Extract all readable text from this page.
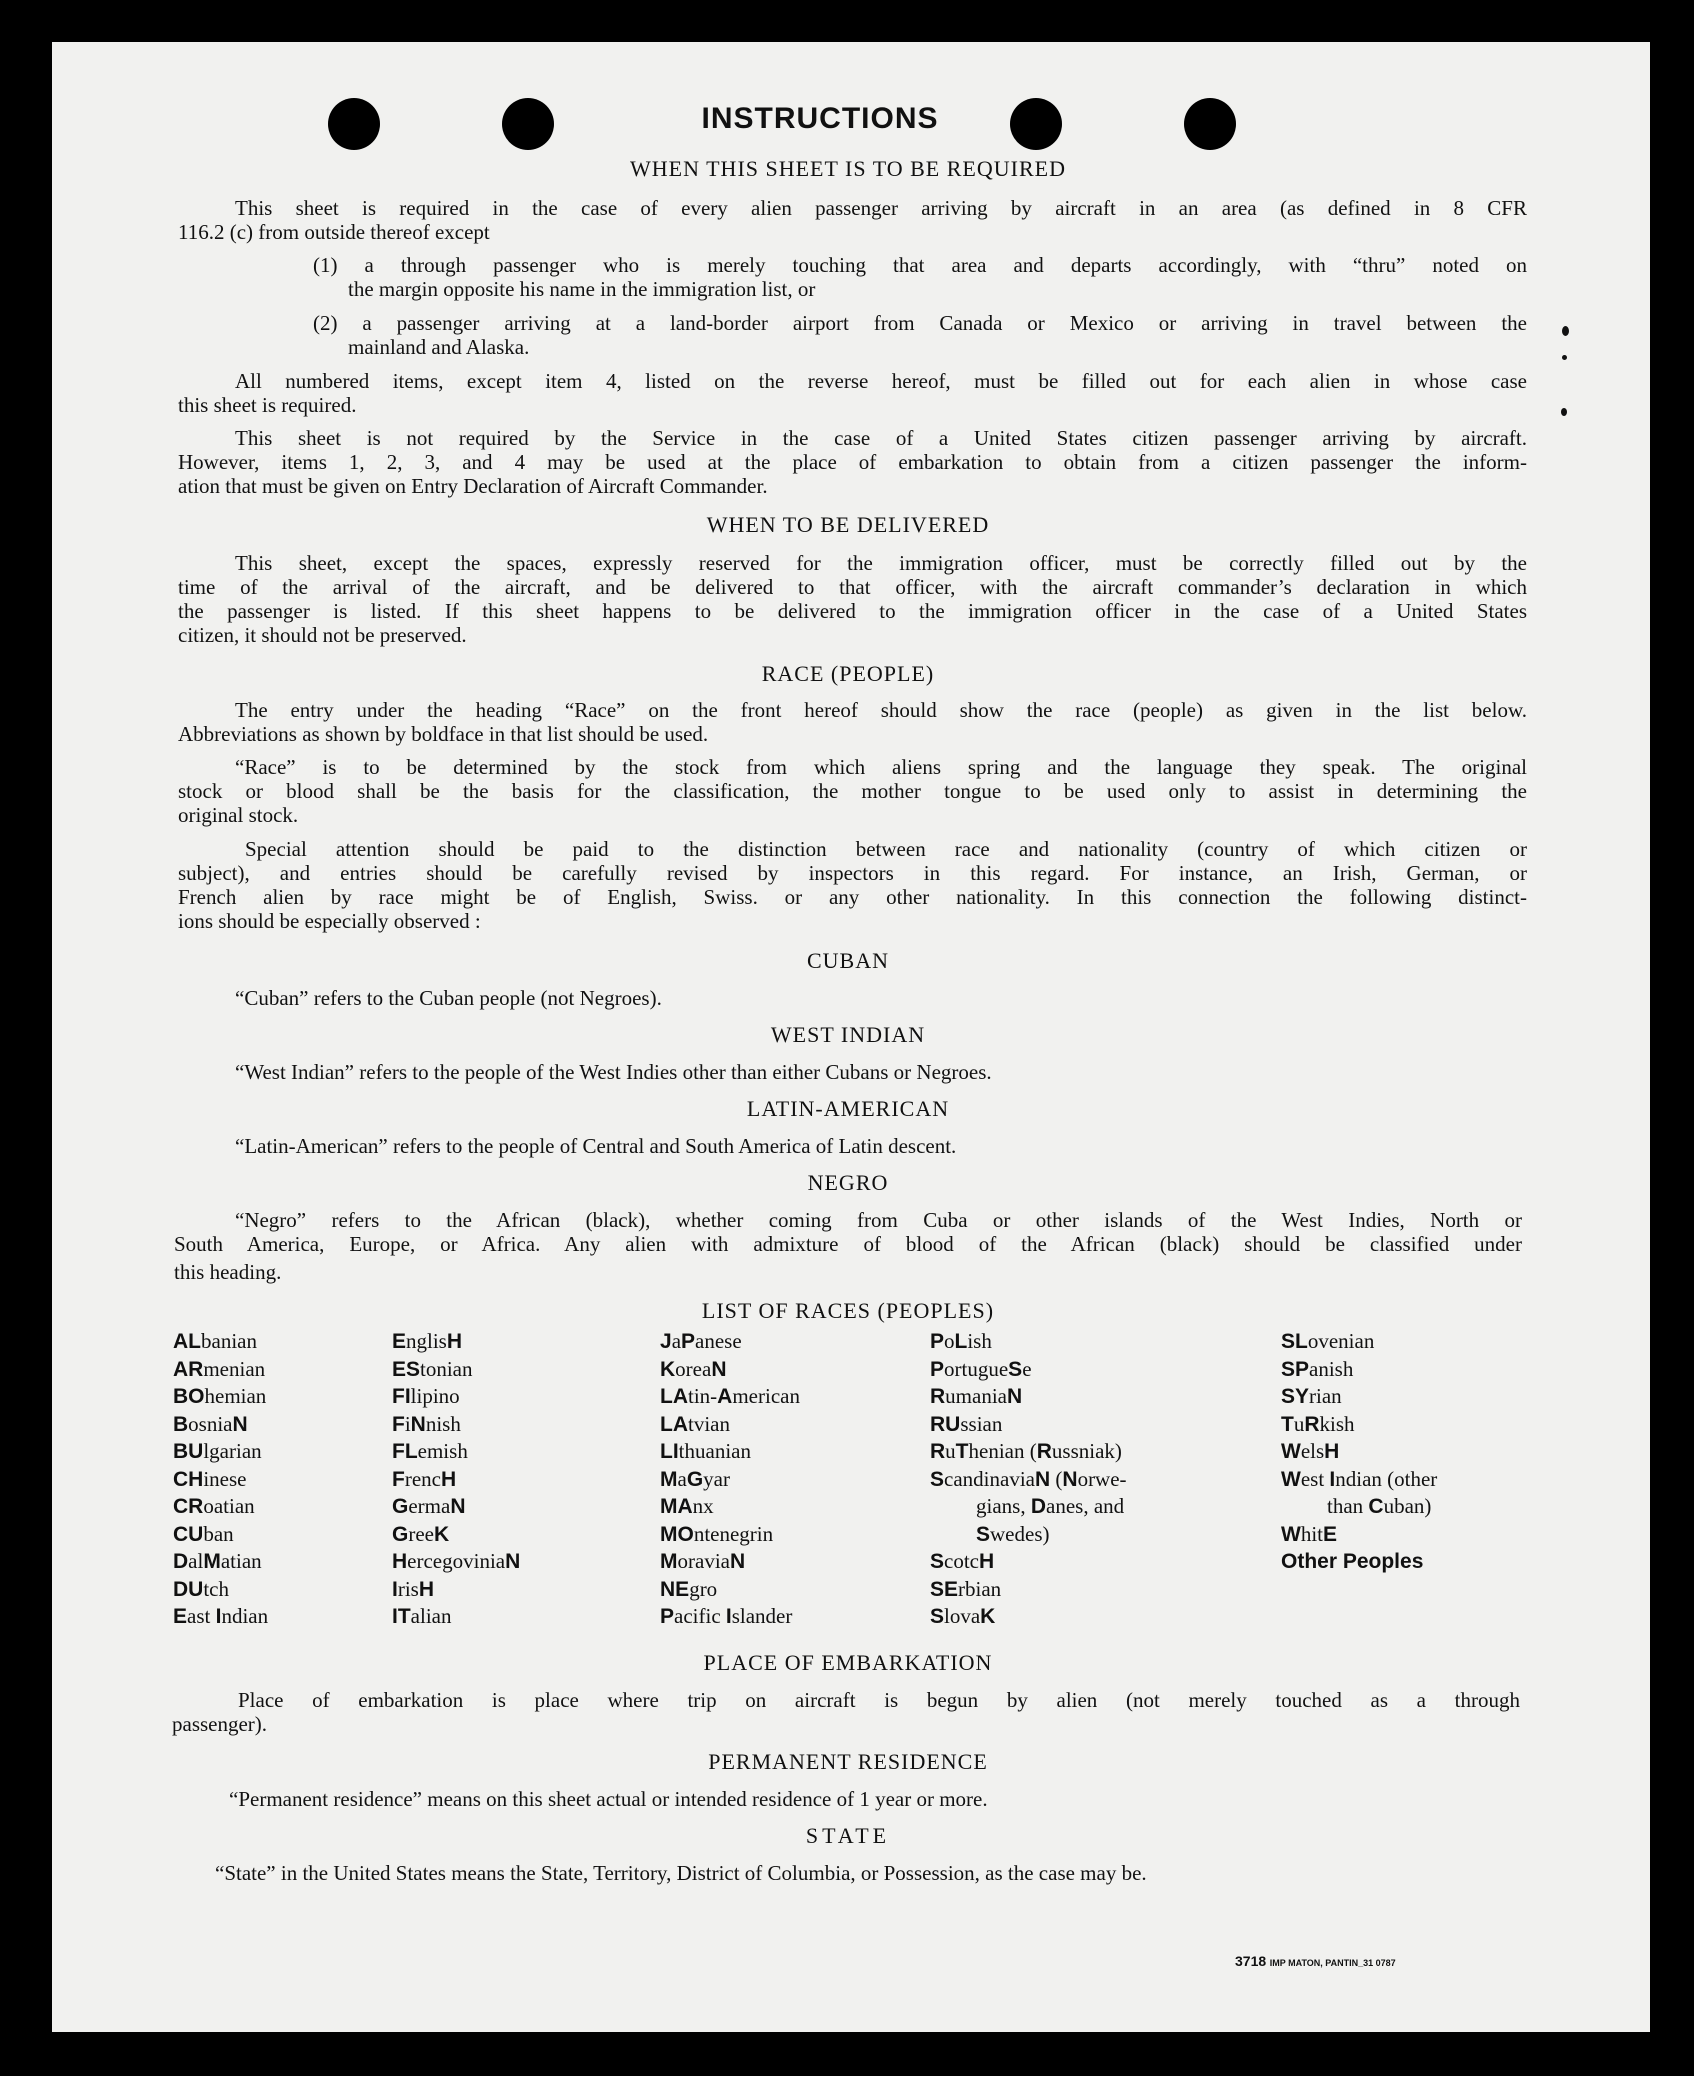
INSTRUCTIONS
WHEN THIS SHEET IS TO BE REQUIRED
This sheet is required in the case of every alien passenger arriving by aircraft in an area (as defined in 8 CFR
116.2 (c) from outside thereof except
(1) a through passenger who is merely touching that area and departs accordingly, with “thru” noted on
the margin opposite his name in the immigration list, or
(2) a passenger arriving at a land-border airport from Canada or Mexico or arriving in travel between the
mainland and Alaska.
All numbered items, except item 4, listed on the reverse hereof, must be filled out for each alien in whose case
this sheet is required.
This sheet is not required by the Service in the case of a United States citizen passenger arriving by aircraft.
However, items 1, 2, 3, and 4 may be used at the place of embarkation to obtain from a citizen passenger the inform-
ation that must be given on Entry Declaration of Aircraft Commander.
WHEN TO BE DELIVERED
This sheet, except the spaces, expressly reserved for the immigration officer, must be correctly filled out by the
time of the arrival of the aircraft, and be delivered to that officer, with the aircraft commander’s declaration in which
the passenger is listed. If this sheet happens to be delivered to the immigration officer in the case of a United States
citizen, it should not be preserved.
RACE (PEOPLE)
The entry under the heading “Race” on the front hereof should show the race (people) as given in the list below.
Abbreviations as shown by boldface in that list should be used.
“Race” is to be determined by the stock from which aliens spring and the language they speak. The original
stock or blood shall be the basis for the classification, the mother tongue to be used only to assist in determining the
original stock.
Special attention should be paid to the distinction between race and nationality (country of which citizen or
subject), and entries should be carefully revised by inspectors in this regard. For instance, an Irish, German, or
French alien by race might be of English, Swiss. or any other nationality. In this connection the following distinct-
ions should be especially observed :
CUBAN
“Cuban” refers to the Cuban people (not Negroes).
WEST INDIAN
“West Indian” refers to the people of the West Indies other than either Cubans or Negroes.
LATIN-AMERICAN
“Latin-American” refers to the people of Central and South America of Latin descent.
NEGRO
“Negro” refers to the African (black), whether coming from Cuba or other islands of the West Indies, North or
South America, Europe, or Africa. Any alien with admixture of blood of the African (black) should be classified under
this heading.
LIST OF RACES (PEOPLES)
ALbanian
ARmenian
BOhemian
BosniaN
BUlgarian
CHinese
CRoatian
CUban
DalMatian
DUtch
East Indian
EnglisH
EStonian
FIlipino
FiNnish
FLemish
FrencH
GermaN
GreeK
HercegoviniaN
IrisH
ITalian
JaPanese
KoreaN
LAtin-American
LAtvian
LIthuanian
MaGyar
MAnx
MOntenegrin
MoraviaN
NEgro
Pacific Islander
PoLish
PortugueSe
RumaniaN
RUssian
RuThenian (Russniak)
ScandinaviaN (Norwe-
gians, Danes, and
Swedes)
ScotcH
SErbian
SlovaK
SLovenian
SPanish
SYrian
TuRkish
WelsH
West Indian (other
than Cuban)
WhitE
Other Peoples
PLACE OF EMBARKATION
Place of embarkation is place where trip on aircraft is begun by alien (not merely touched as a through
passenger).
PERMANENT RESIDENCE
“Permanent residence” means on this sheet actual or intended residence of 1 year or more.
STATE
“State” in the United States means the State, Territory, District of Columbia, or Possession, as the case may be.
3718 IMP MATON, PANTIN_31 0787
